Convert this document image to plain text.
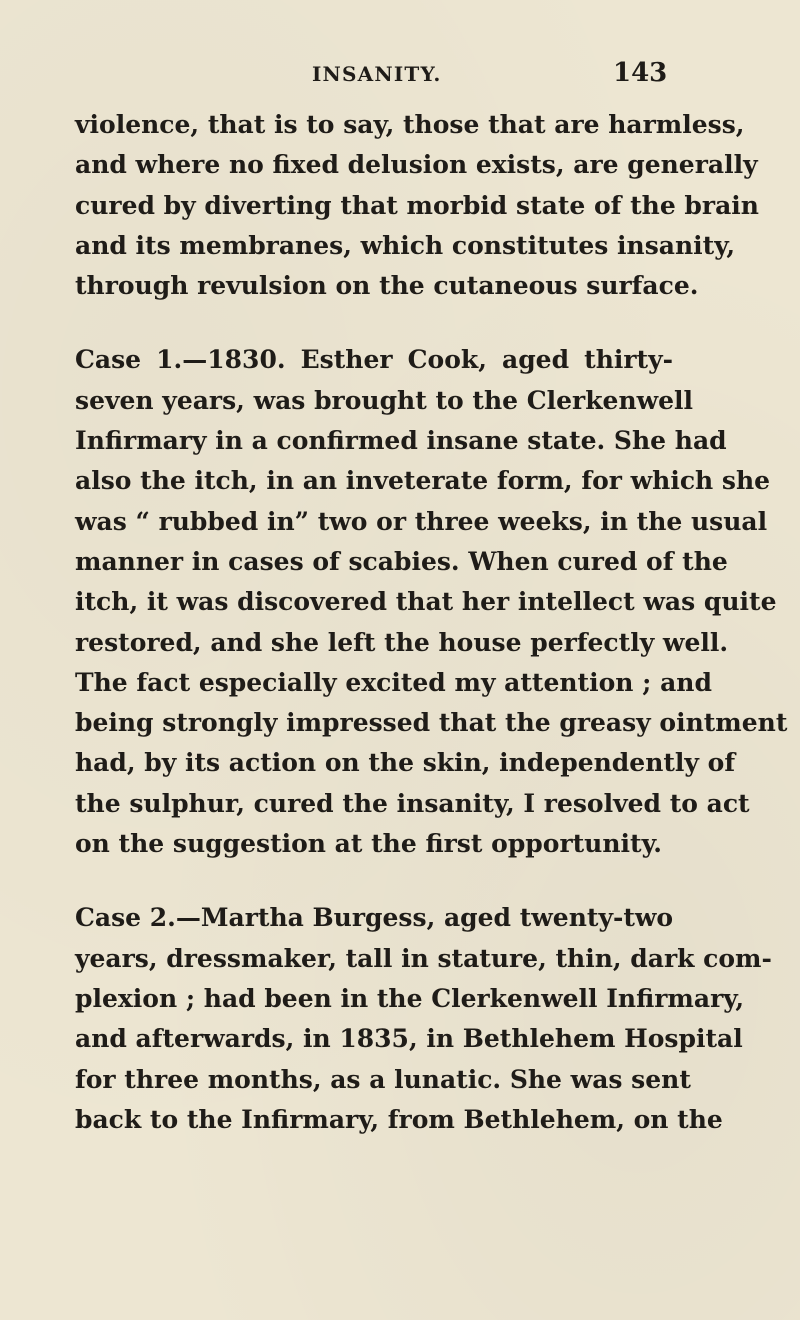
INSANITY.	143
violence, that is to say, those that are harmless,
and where no fixed delusion exists, are generally
cured by diverting that morbid state of the brain
and its membranes, which constitutes insanity,
through revulsion on the cutaneous surface.
Case 1.—1830. Esther Cook, aged thirty-
seven years, was brought to the Clerkenwell
Infirmary in a confirmed insane state. She had
also the itch, in an inveterate form, for which she
was “ rubbed in” two or three weeks, in the usual
manner in cases of scabies. When cured of the
itch, it was discovered that her intellect was quite
restored, and she left the house perfectly well.
The fact especially excited my attention ; and
being strongly impressed that the greasy ointment
had, by its action on the skin, independently of
the sulphur, cured the insanity, I resolved to act
on the suggestion at the first opportunity.
Case 2.—Martha Burgess, aged twenty-two
years, dressmaker, tall in stature, thin, dark com-
plexion ; had been in the Clerkenwell Infirmary,
and afterwards, in 1835, in Bethlehem Hospital
for three months, as a lunatic. She was sent
back to the Infirmary, from Bethlehem, on the
